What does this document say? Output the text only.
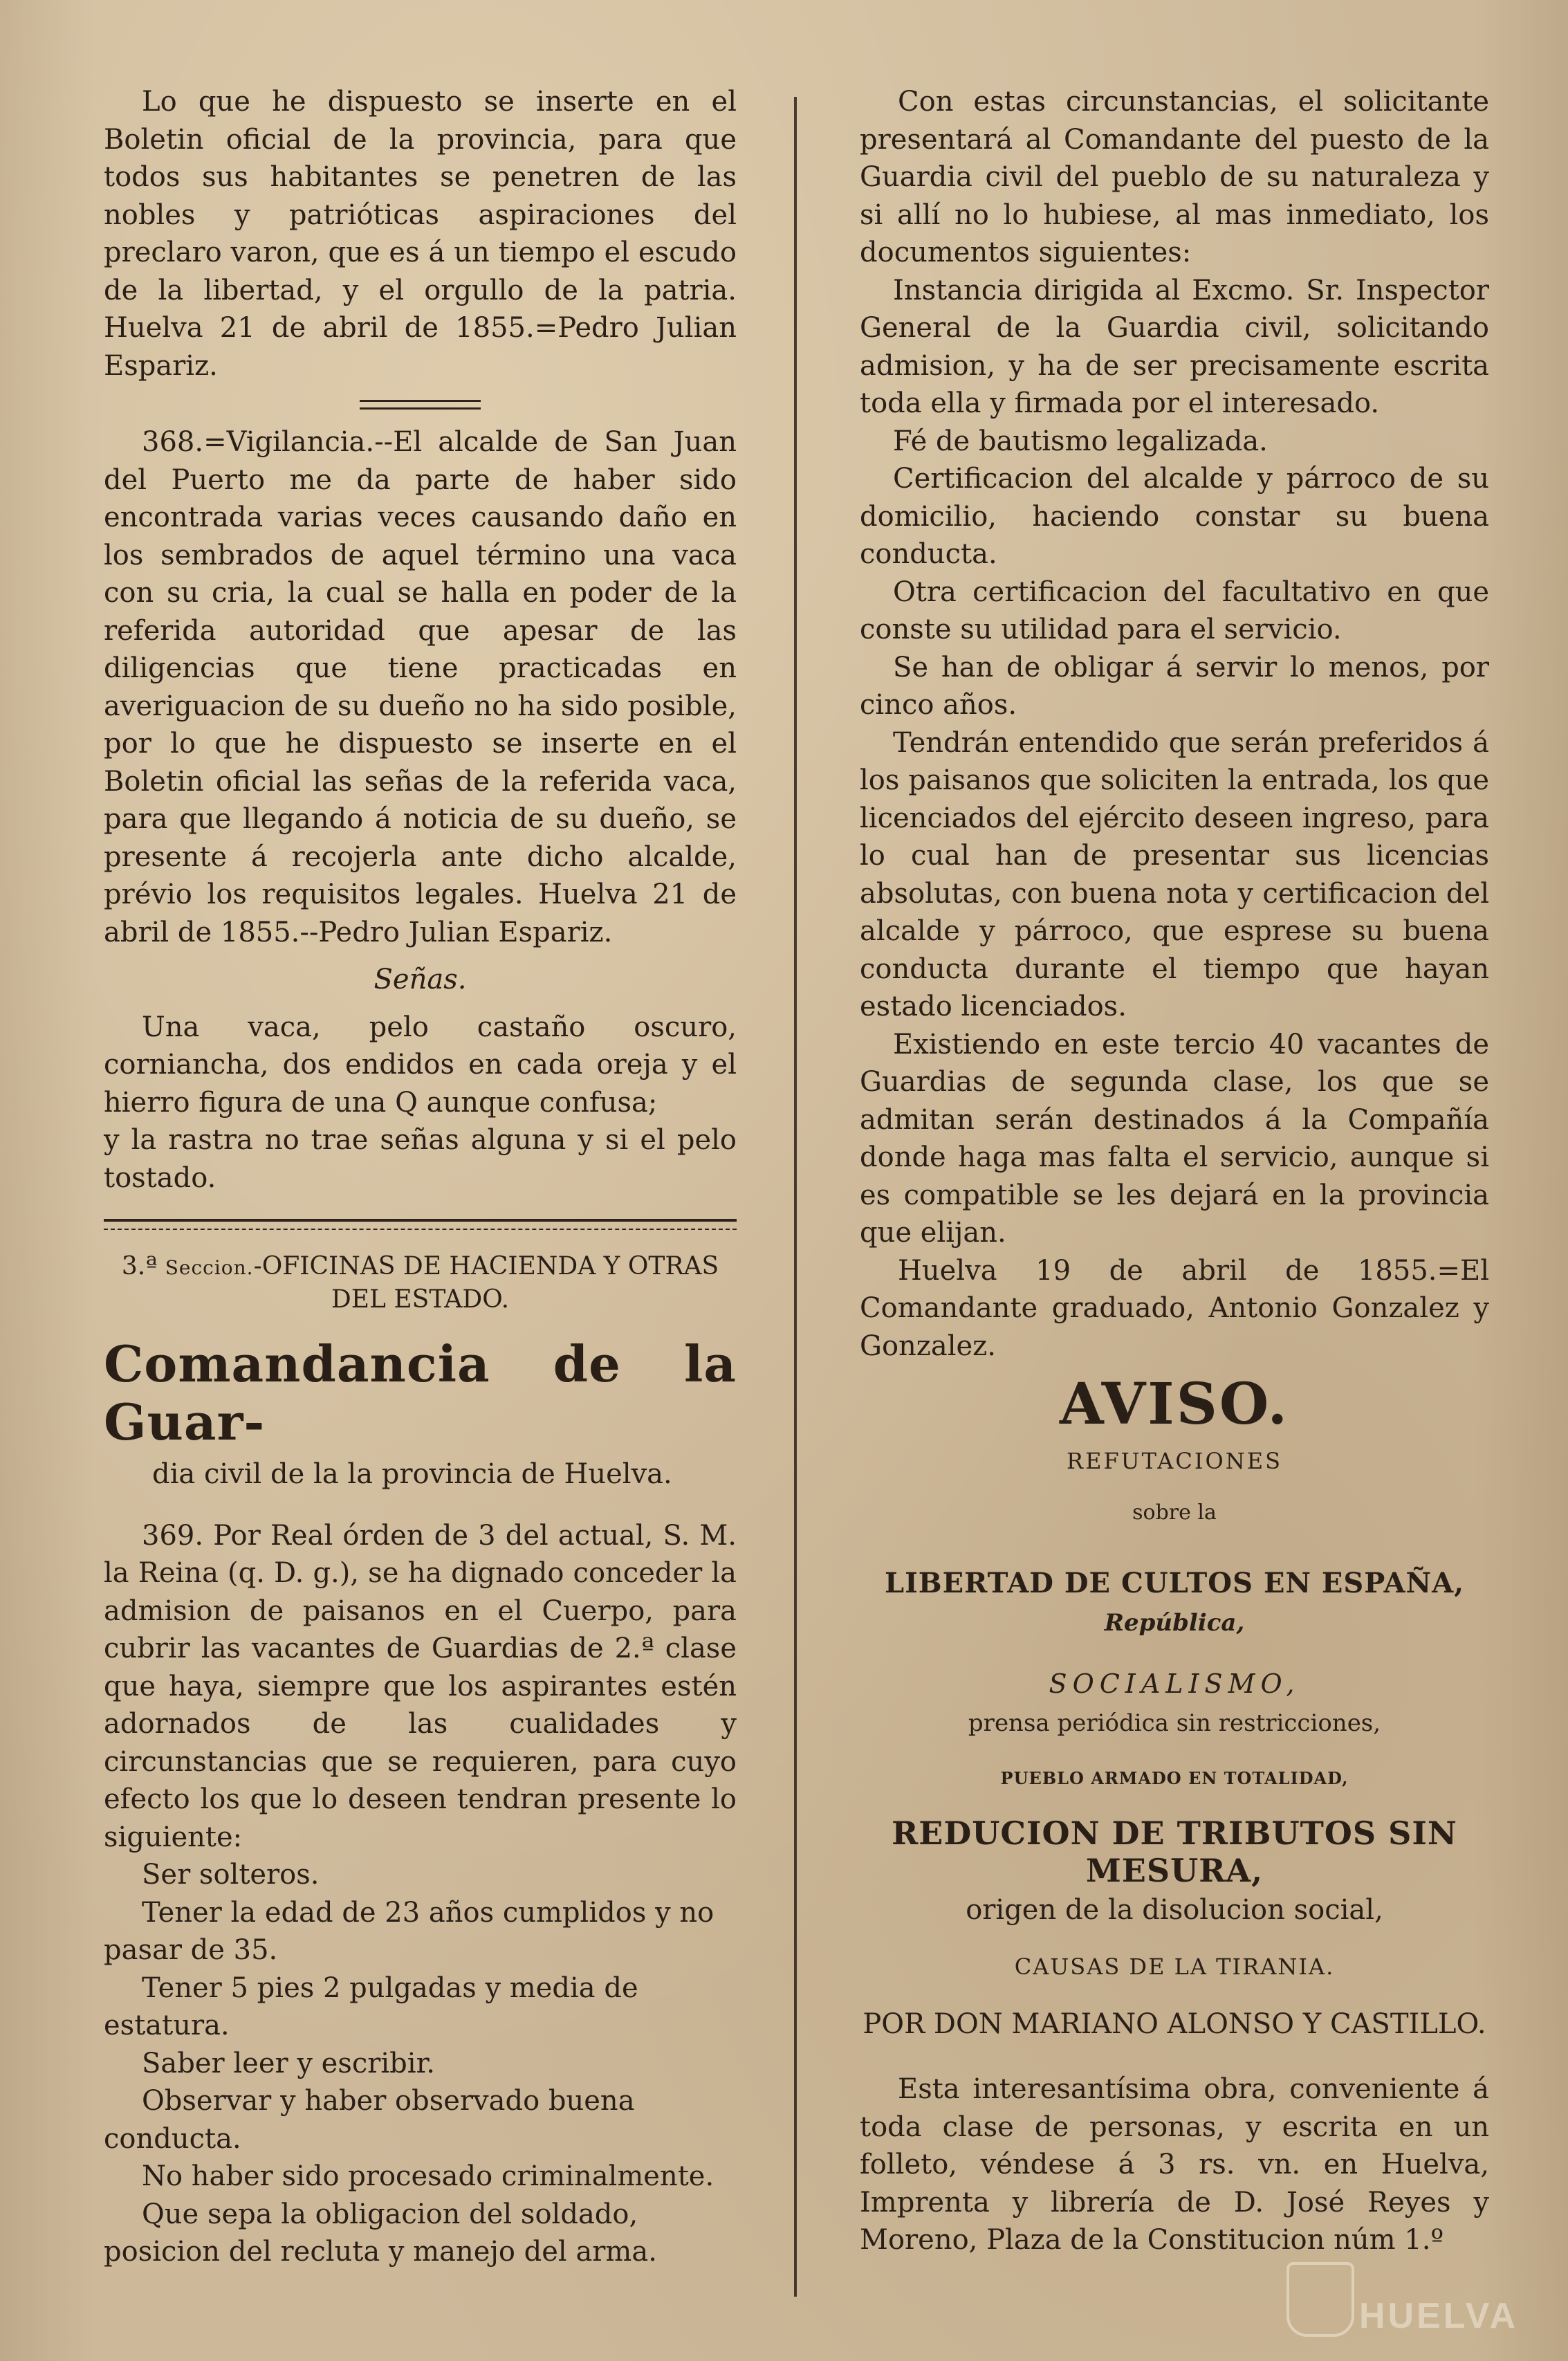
Lo que he dispuesto se inserte en el Boletin oficial de la provincia, para que todos sus habitantes se penetren de las nobles y patrióticas aspiraciones del preclaro varon, que es á un tiempo el escudo de la libertad, y el orgullo de la patria. Huelva 21 de abril de 1855.=Pedro Julian Espariz.

368.=Vigilancia.--El alcalde de San Juan del Puerto me da parte de haber sido encontrada varias veces causando daño en los sembrados de aquel término una vaca con su cria, la cual se halla en poder de la referida autoridad que apesar de las diligencias que tiene practicadas en averiguacion de su dueño no ha sido posible, por lo que he dispuesto se inserte en el Boletin oficial las señas de la referida vaca, para que llegando á noticia de su dueño, se presente á recojerla ante dicho alcalde, prévio los requisitos legales. Huelva 21 de abril de 1855.--Pedro Julian Espariz.

Señas.

Una vaca, pelo castaño oscuro, cornianchа, dos endidos en cada oreja y el hierro figura de una Q aunque confusa;

y la rastra no trae señas alguna y si el pelo tostado.

3.ª Seccion.-OFICINAS DE HACIENDA Y OTRAS DEL ESTADO.
Comandancia de la Guar-

dia civil de la la provincia de Huelva.

369. Por Real órden de 3 del actual, S. M. la Reina (q. D. g.), se ha dignado conceder la admision de paisanos en el Cuerpo, para cubrir las vacantes de Guardias de 2.ª clase que haya, siempre que los aspirantes estén adornados de las cualidades y circunstancias que se requieren, para cuyo efecto los que lo deseen tendran presente lo siguiente:

Ser solteros.

Tener la edad de 23 años cumplidos y no pasar de 35.

Tener 5 pies 2 pulgadas y media de estatura.

Saber leer y escribir.

Observar y haber observado buena conducta.

No haber sido procesado criminalmente.

Que sepa la obligacion del soldado, posicion del recluta y manejo del arma.

Con estas circunstancias, el solicitante presentará al Comandante del puesto de la Guardia civil del pueblo de su naturaleza y si allí no lo hubiese, al mas inmediato, los documentos siguientes:

Instancia dirigida al Excmo. Sr. Inspector General de la Guardia civil, solicitando admision, y ha de ser precisamente escrita toda ella y firmada por el interesado.

Fé de bautismo legalizada.

Certificacion del alcalde y párroco de su domicilio, haciendo constar su buena conducta.

Otra certificacion del facultativo en que conste su utilidad para el servicio.

Se han de obligar á servir lo menos, por cinco años.

Tendrán entendido que serán preferidos á los paisanos que soliciten la entrada, los que licenciados del ejército deseen ingreso, para lo cual han de presentar sus licencias absolutas, con buena nota y certificacion del alcalde y párroco, que esprese su buena conducta durante el tiempo que hayan estado licenciados.

Existiendo en este tercio 40 vacantes de Guardias de segunda clase, los que se admitan serán destinados á la Compañía donde haga mas falta el servicio, aunque si es compatible se les dejará en la provincia que elijan.

Huelva 19 de abril de 1855.=El Comandante graduado, Antonio Gonzalez y Gonzalez.

AVISO.
REFUTACIONES
sobre la
LIBERTAD DE CULTOS EN ESPAÑA,
República,
SOCIALISMO,
prensa periódica sin restricciones,
PUEBLO ARMADO EN TOTALIDAD,
REDUCION DE TRIBUTOS SIN MESURA,
origen de la disolucion social,
CAUSAS DE LA TIRANIA.
POR DON MARIANO ALONSO Y CASTILLO.

Esta interesantísima obra, conveniente á toda clase de personas, y escrita en un folleto, véndese á 3 rs. vn. en Huelva, Imprenta y librería de D. José Reyes y Moreno, Plaza de la Constitucion núm 1.º

HUELVA
